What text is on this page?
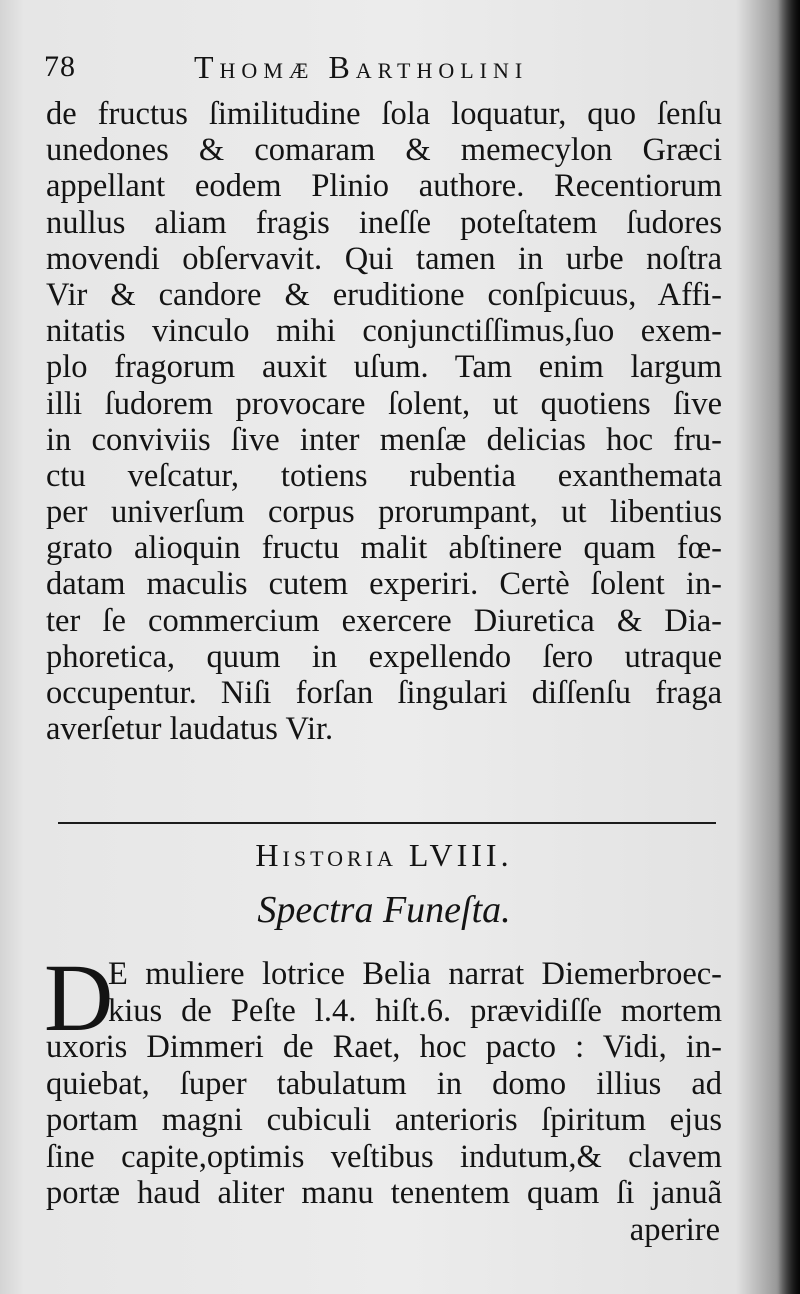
78	Thomæ Bartholini
de fructus ſimilitudine ſola loquatur, quo ſenſu
unedones & comaram & memecylon Græci
appellant eodem Plinio authore. Recentiorum
nullus aliam fragis ineſſe poteſtatem ſudores
movendi obſervavit. Qui tamen in urbe noſtra
Vir & candore & eruditione conſpicuus, Affi-
nitatis vinculo mihi conjunctiſſimus,ſuo exem-
plo fragorum auxit uſum. Tam enim largum
illi ſudorem provocare ſolent, ut quotiens ſive
in conviviis ſive inter menſæ delicias hoc fru-
ctu veſcatur, totiens rubentia exanthemata
per univerſum corpus prorumpant, ut libentius
grato alioquin fructu malit abſtinere quam fœ-
datam maculis cutem experiri. Certè ſolent in-
ter ſe commercium exercere Diuretica & Dia-
phoretica, quum in expellendo ſero utraque
occupentur. Niſi forſan ſingulari diſſenſu fraga
averſetur laudatus Vir.
Historia LVIII.
Spectra Funeſta.
D
E muliere lotrice Belia narrat Diemerbroec-
kius de Peſte l.4. hiſt.6. prævidiſſe mortem
uxoris Dimmeri de Raet, hoc pacto : Vidi, in-
quiebat, ſuper tabulatum in domo illius ad
portam magni cubiculi anterioris ſpiritum ejus
ſine capite,optimis veſtibus indutum,& clavem
portæ haud aliter manu tenentem quam ſi januã
aperire
